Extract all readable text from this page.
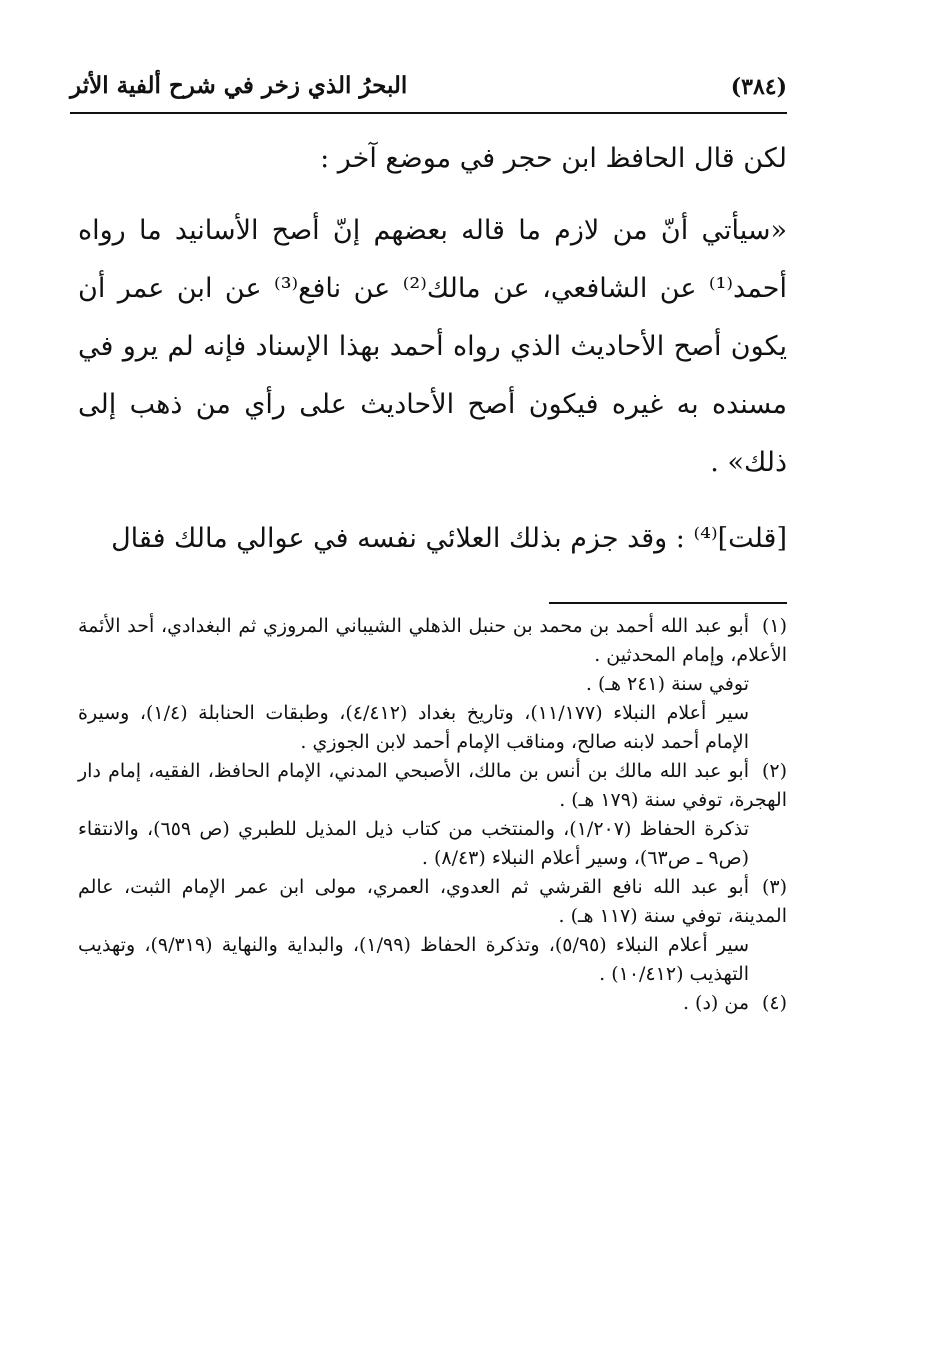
(٣٨٤)
البحرُ الذي زخر في شرح ألفية الأثر

لكن قال الحافظ ابن حجر في موضع آخر :

«سيأتي أنّ من لازم ما قاله بعضهم إنّ أصح الأسانيد ما رواه أحمد⁽¹⁾ عن الشافعي، عن مالك⁽²⁾ عن نافع⁽³⁾ عن ابن عمر أن يكون أصح الأحاديث الذي رواه أحمد بهذا الإسناد فإنه لم يرو في مسنده به غيره فيكون أصح الأحاديث على رأي من ذهب إلى ذلك» .

[قلت]⁽⁴⁾ : وقد جزم بذلك العلائي نفسه في عوالي مالك فقال

(١)أبو عبد الله أحمد بن محمد بن حنبل الذهلي الشيباني المروزي ثم البغدادي، أحد الأئمة الأعلام، وإمام المحدثين .

توفي سنة (٢٤١ هـ) .

سير أعلام النبلاء (١١/١٧٧)، وتاريخ بغداد (٤/٤١٢)، وطبقات الحنابلة (١/٤)، وسيرة الإمام أحمد لابنه صالح، ومناقب الإمام أحمد لابن الجوزي .

(٢)أبو عبد الله مالك بن أنس بن مالك، الأصبحي المدني، الإمام الحافظ، الفقيه، إمام دار الهجرة، توفي سنة (١٧٩ هـ) .

تذكرة الحفاظ (١/٢٠٧)، والمنتخب من كتاب ذيل المذيل للطبري (ص ٦٥٩)، والانتقاء (ص٩ ـ ص٦٣)، وسير أعلام النبلاء (٨/٤٣) .

(٣)أبو عبد الله نافع القرشي ثم العدوي، العمري، مولى ابن عمر الإمام الثبت، عالم المدينة، توفي سنة (١١٧ هـ) .

سير أعلام النبلاء (٥/٩٥)، وتذكرة الحفاظ (١/٩٩)، والبداية والنهاية (٩/٣١٩)، وتهذيب التهذيب (١٠/٤١٢) .

(٤)من (د) .
